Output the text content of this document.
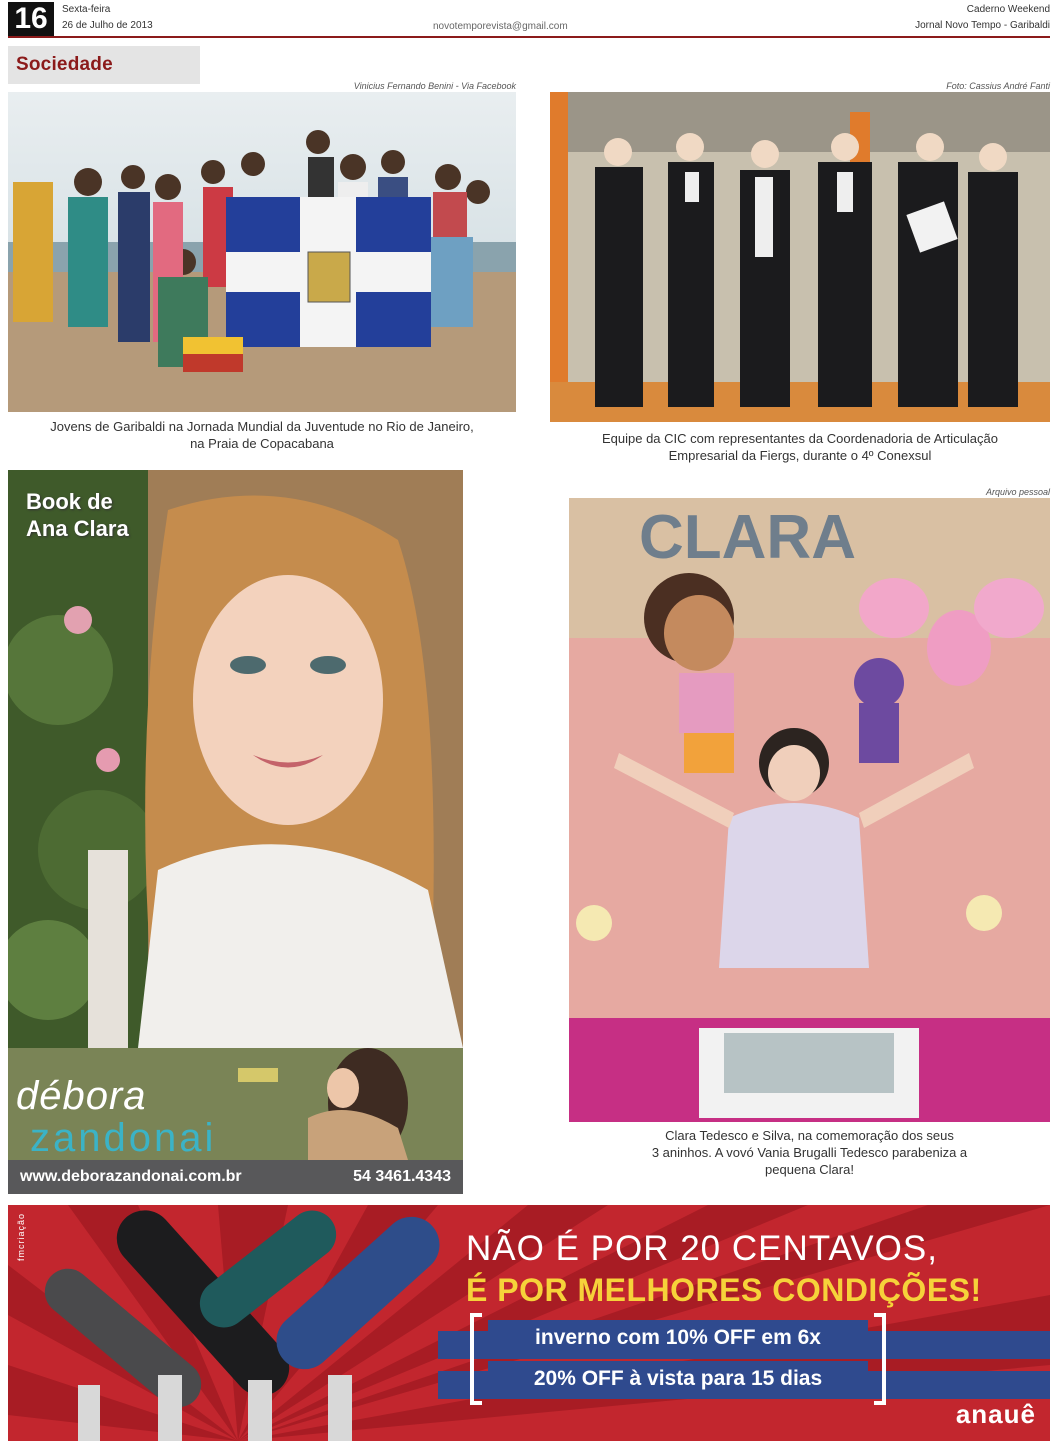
16	Sexta-feira
26 de Julho de 2013	novotemporevista@gmail.com
Caderno Weekend
Jornal Novo Tempo - Garibaldi
Sociedade
Vinicius Fernando Benini - Via Facebook
Jovens de Garibaldi na Jornada Mundial da Juventude no Rio de Janeiro,
na Praia de Copacabana
Foto: Cassius André Fanti
Equipe da CIC com representantes da Coordenadoria de Articulação
Empresarial da Fiergs, durante o 4º Conexsul
Book de
Ana Clara
débora
zandonai
www.deborazandonai.com.br	54 3461.4343
Arquivo pessoal
CLARA
Clara Tedesco e Silva, na comemoração dos seus
3 aninhos. A vovó Vania Brugalli Tedesco parabeniza a
pequena Clara!
fmcriação	NÃO É POR 20 CENTAVOS,
É POR MELHORES CONDIÇÕES!
inverno com 10% OFF em 6x
20% OFF à vista para 15 dias
anauê
